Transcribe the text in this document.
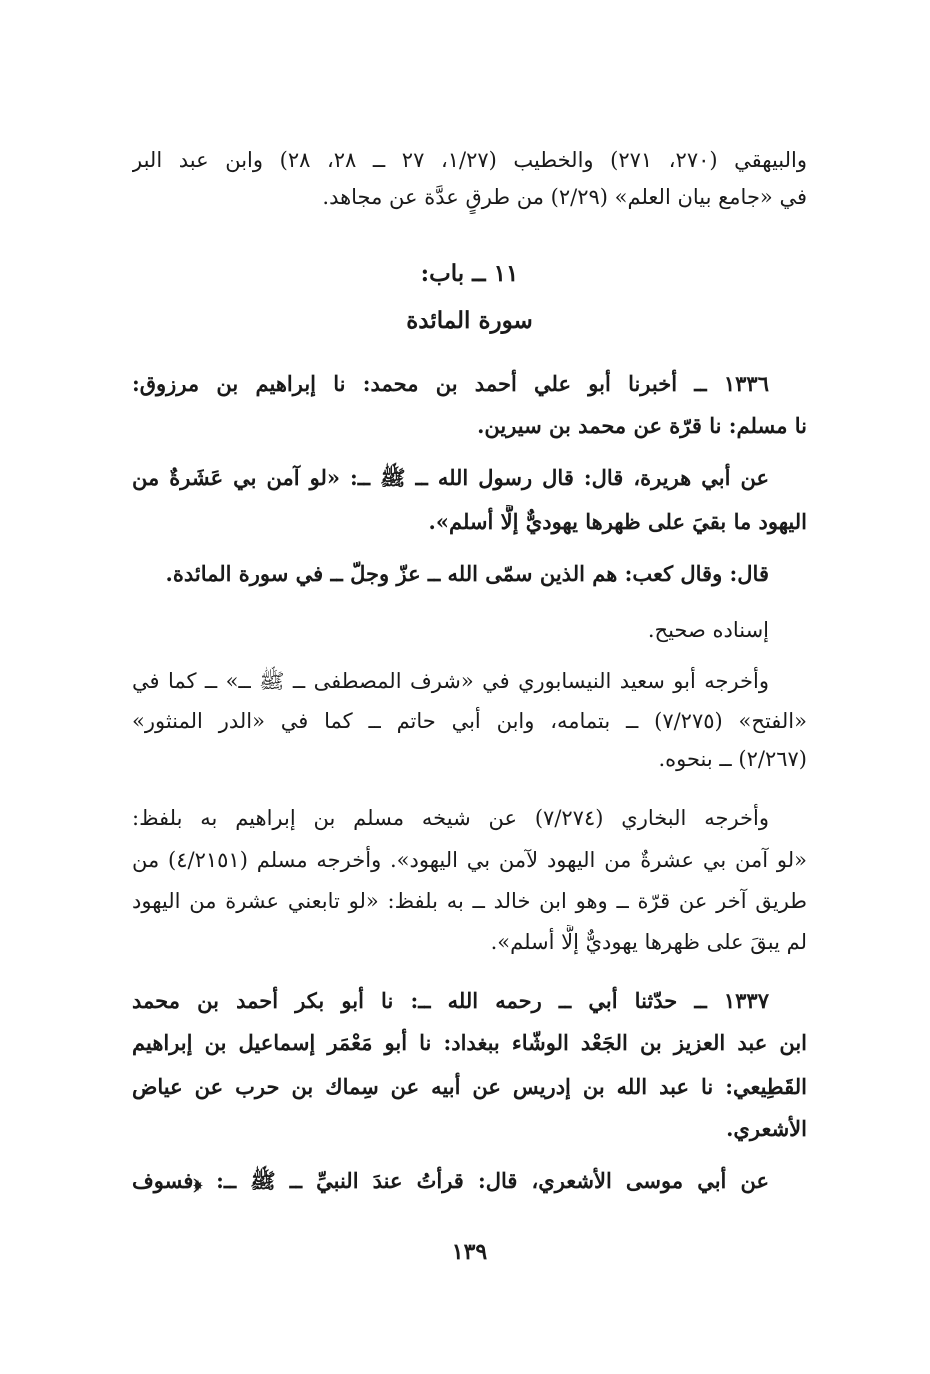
والبيهقي (٢٧٠، ٢٧١) والخطيب (١/٢٧، ٢٧ ــ ٢٨، ٢٨) وابن عبد البر
في «جامع بيان العلم» (٢/٢٩) من طرقٍ عدَّة عن مجاهد.
١١ ــ باب:
سورة المائدة
١٣٣٦ ــ أخبرنا أبو علي أحمد بن محمد: نا إبراهيم بن مرزوق:
نا مسلم: نا قرّة عن محمد بن سيرين.
عن أبي هريرة، قال: قال رسول الله ــ ﷺ ــ: «لو آمن بي عَشَرةٌ من
اليهود ما بقيَ على ظهرها يهوديٌّ إلَّا أسلم».
قال: وقال كعب: هم الذين سمّى الله ــ عزّ وجلّ ــ في سورة المائدة.
إسناده صحيح.
وأخرجه أبو سعيد النيسابوري في «شرف المصطفى ــ ﷺ ــ» ــ كما في
«الفتح» (٧/٢٧٥) ــ بتمامه، وابن أبي حاتم ــ كما في «الدر المنثور»
(٢/٢٦٧) ــ بنحوه.
وأخرجه البخاري (٧/٢٧٤) عن شيخه مسلم بن إبراهيم به بلفظ:
«لو آمن بي عشرةٌ من اليهود لآمن بي اليهود». وأخرجه مسلم (٤/٢١٥١) من
طريق آخر عن قرّة ــ وهو ابن خالد ــ به بلفظ: «لو تابعني عشرة من اليهود
لم يبقَ على ظهرها يهوديٌّ إلَّا أسلم».
١٣٣٧ ــ حدّثنا أبي ــ رحمه الله ــ: نا أبو بكر أحمد بن محمد
ابن عبد العزيز بن الجَعْد الوشّاء ببغداد: نا أبو مَعْمَر إسماعيل بن إبراهيم
القَطِيعي: نا عبد الله بن إدريس عن أبيه عن سِماك بن حرب عن عياض
الأشعري.
عن أبي موسى الأشعري، قال: قرأتُ عندَ النبيِّ ــ ﷺ ــ: ﴿فسوف
١٣٩
